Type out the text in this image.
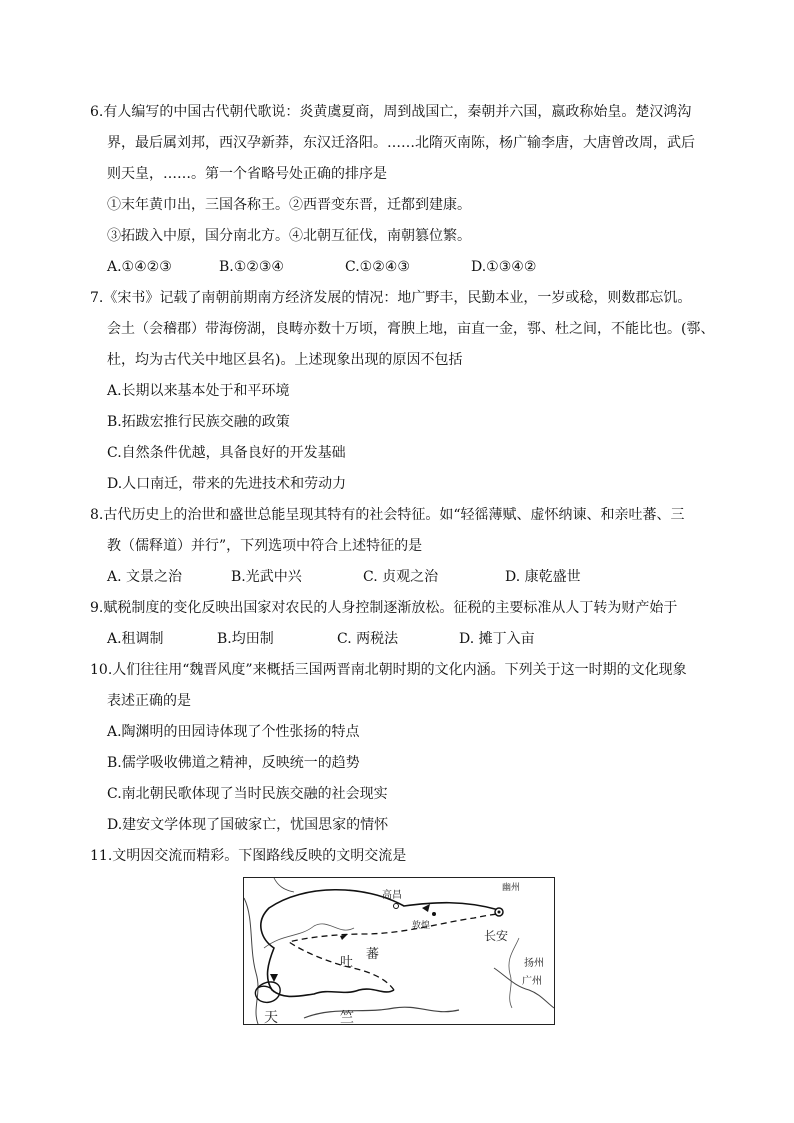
6.有人编写的中国古代朝代歌说：炎黄虞夏商，周到战国亡，秦朝并六国，嬴政称始皇。楚汉鸿沟
界，最后属刘邦，西汉孕新莽，东汉迁洛阳。……北隋灭南陈，杨广输李唐，大唐曾改周，武后
则天皇，……。第一个省略号处正确的排序是
①末年黄巾出，三国各称王。②西晋变东晋，迁都到建康。
③拓跋入中原，国分南北方。④北朝互征伐，南朝篡位繁。
A.①④②③	B.①②③④	C.①②④③	D.①③④②
7.《宋书》记载了南朝前期南方经济发展的情况：地广野丰，民勤本业，一岁或稔，则数郡忘饥。
会土（会稽郡）带海傍湖，良畴亦数十万顷，膏腴上地，亩直一金，鄠、杜之间，不能比也。(鄠、
杜，均为古代关中地区县名)。上述现象出现的原因不包括
A.长期以来基本处于和平环境
B.拓跋宏推行民族交融的政策
C.自然条件优越，具备良好的开发基础
D.人口南迁，带来的先进技术和劳动力
8.古代历史上的治世和盛世总能呈现其特有的社会特征。如“轻徭薄赋、虚怀纳谏、和亲吐蕃、三
教（儒释道）并行”，下列选项中符合上述特征的是
A. 文景之治	B.光武中兴	C. 贞观之治	D. 康乾盛世
9.赋税制度的变化反映出国家对农民的人身控制逐渐放松。征税的主要标准从人丁转为财产始于
A.租调制	B.均田制	C. 两税法	D. 摊丁入亩
10.人们往往用“魏晋风度”来概括三国两晋南北朝时期的文化内涵。下列关于这一时期的文化现象
表述正确的是
A.陶渊明的田园诗体现了个性张扬的特点
B.儒学吸收佛道之精神，反映统一的趋势
C.南北朝民歌体现了当时民族交融的社会现实
D.建安文学体现了国破家亡，忧国思家的情怀
11.文明因交流而精彩。下图路线反映的文明交流是
高昌
敦煌
长安
吐
蕃
幽州
扬州
广州
天	竺
